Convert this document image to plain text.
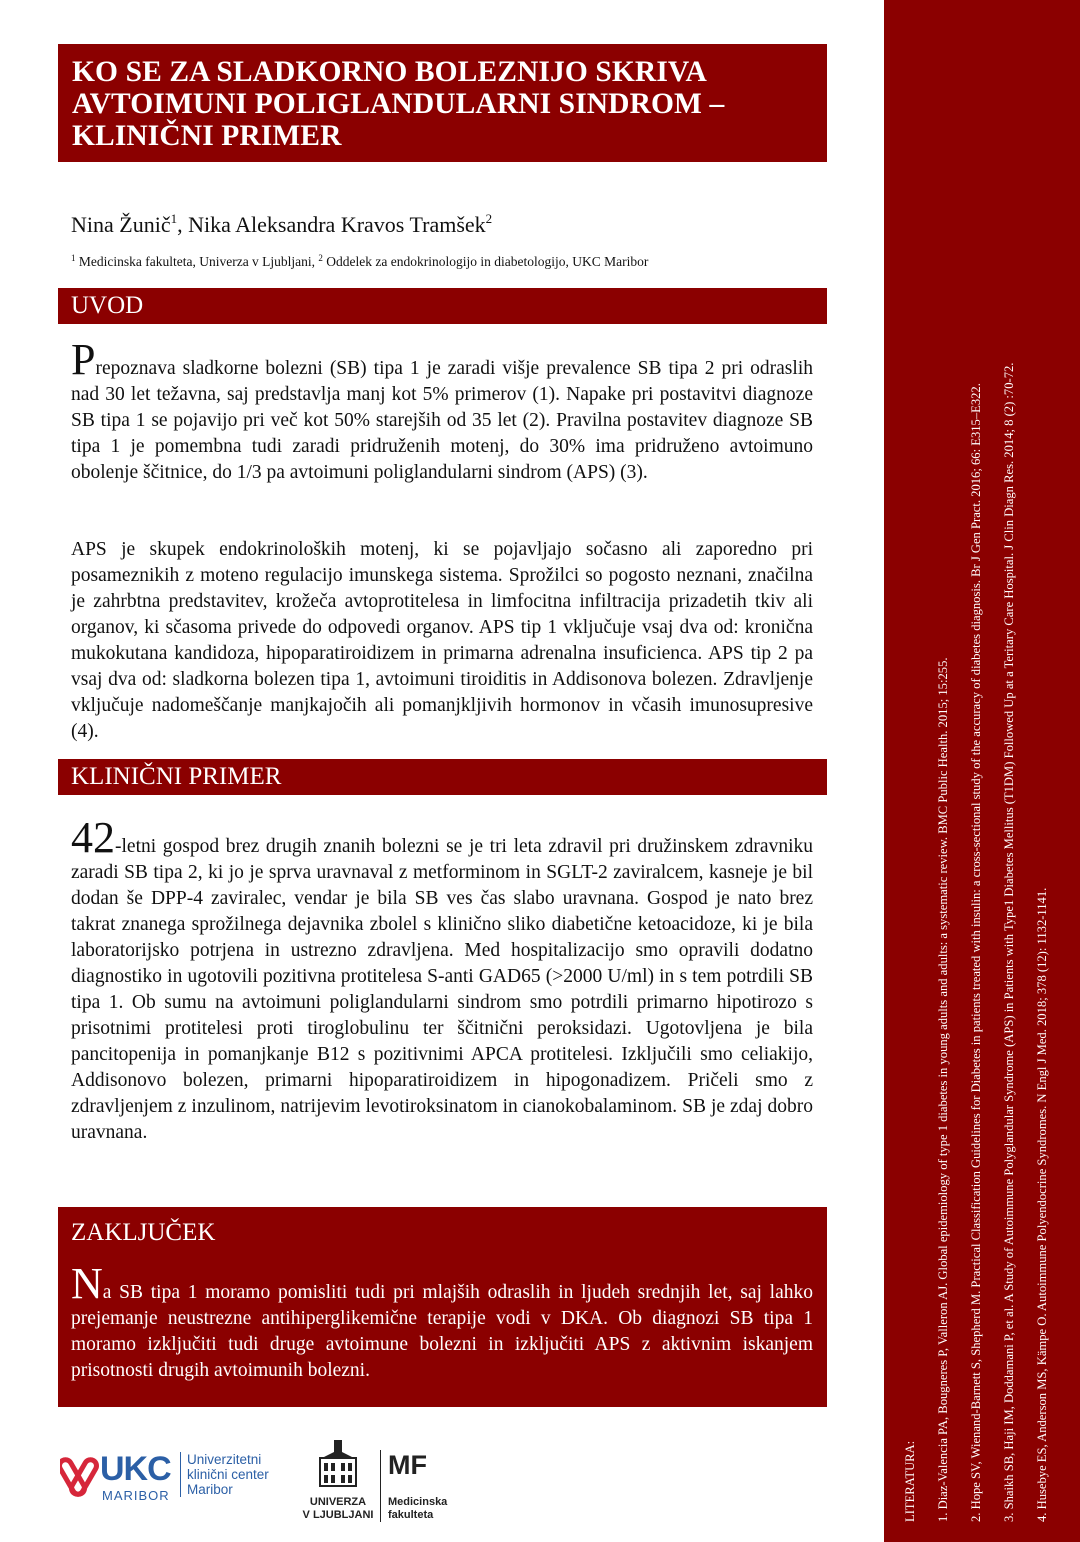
KO SE ZA SLADKORNO BOLEZNIJO SKRIVA
AVTOIMUNI POLIGLANDULARNI SINDROM –
KLINIČNI PRIMER
Nina Žunič$^1$, Nika Aleksandra Kravos Tramšek$^2$
$^1$ Medicinska fakulteta, Univerza v Ljubljani, $^2$ Oddelek za endokrinologijo in diabetologijo, UKC Maribor
UVOD

Prepoznava sladkorne bolezni (SB) tipa 1 je zaradi višje prevalence SB tipa 2 pri odraslih nad 30 let težavna, saj predstavlja manj kot 5% primerov (1). Napake pri postavitvi diagnoze SB tipa 1 se pojavijo pri več kot 50% starejših od 35 let (2). Pravilna postavitev diagnoze SB tipa 1 je pomembna tudi zaradi pridruženih motenj, do 30% ima pridruženo avtoimuno obolenje ščitnice, do 1/3 pa avtoimuni poliglandularni sindrom (APS) (3).

APS je skupek endokrinoloških motenj, ki se pojavljajo sočasno ali zaporedno pri posameznikih z moteno regulacijo imunskega sistema. Sprožilci so pogosto neznani, značilna je zahrbtna predstavitev, krožeča avtoprotitelesa in limfocitna infiltracija prizadetih tkiv ali organov, ki sčasoma privede do odpovedi organov. APS tip 1 vključuje vsaj dva od: kronična mukokutana kandidoza, hipoparatiroidizem in primarna adrenalna insuficienca. APS tip 2 pa vsaj dva od: sladkorna bolezen tipa 1, avtoimuni tiroiditis in Addisonova bolezen. Zdravljenje vključuje nadomeščanje manjkajočih ali pomanjkljivih hormonov in včasih imunosupresive (4).

KLINIČNI PRIMER

42-letni gospod brez drugih znanih bolezni se je tri leta zdravil pri družinskem zdravniku zaradi SB tipa 2, ki jo je sprva uravnaval z metforminom in SGLT-2 zaviralcem, kasneje je bil dodan še DPP-4 zaviralec, vendar je bila SB ves čas slabo uravnana. Gospod je nato brez takrat znanega sprožilnega dejavnika zbolel s klinično sliko diabetične ketoacidoze, ki je bila laboratorijsko potrjena in ustrezno zdravljena. Med hospitalizacijo smo opravili dodatno diagnostiko in ugotovili pozitivna protitelesa S-anti GAD65 (>2000 U/ml) in s tem potrdili SB tipa 1. Ob sumu na avtoimuni poliglandularni sindrom smo potrdili primarno hipotirozo s prisotnimi protitelesi proti tiroglobulinu ter ščitnični peroksidazi. Ugotovljena je bila pancitopenija in pomanjkanje B12 s pozitivnimi APCA protitelesi. Izključili smo celiakijo, Addisonovo bolezen, primarni hipoparatiroidizem in hipogonadizem. Pričeli smo z zdravljenjem z inzulinom, natrijevim levotiroksinatom in cianokobalaminom. SB je zdaj dobro uravnana.

ZAKLJUČEK

Na SB tipa 1 moramo pomisliti tudi pri mlajših odraslih in ljudeh srednjih let, saj lahko prejemanje neustrezne antihiperglikemične terapije vodi v DKA. Ob diagnozi SB tipa 1 moramo izključiti tudi druge avtoimune bolezni in izključiti APS z aktivnim iskanjem prisotnosti drugih avtoimunih bolezni.

LITERATURA:	1. Diaz-Valencia PA, Bougneres P, Valleron AJ. Global epidemiology of type 1 diabetes in young adults and adults: a systematic review. BMC Public Health. 2015; 15:255.	2. Hope SV, Wienand-Barnett S, Shepherd M. Practical Classification Guidelines for Diabetes in patients treated with insulin: a cross-sectional study of the accuracy of diabetes diagnosis. Br J Gen Pract. 2016; 66: E315–E322.	3. Shaikh SB, Haji IM, Doddamani P, et al. A Study of Autoimmune Polyglandular Syndrome (APS) in Patients with Type1 Diabetes Mellitus (T1DM) Followed Up at a Teritary Care Hospital. J Clin Diagn Res. 2014; 8 (2) :70-72.	4. Husebye ES, Anderson MS, Kämpe O. Autoimmune Polyendocrine Syndromes. N Engl J Med. 2018; 378 (12): 1132-1141.
UKC
MARIBOR
Univerzitetni
klinični center
Maribor
UNIVERZA
V LJUBLJANI
MF
Medicinska
fakulteta
